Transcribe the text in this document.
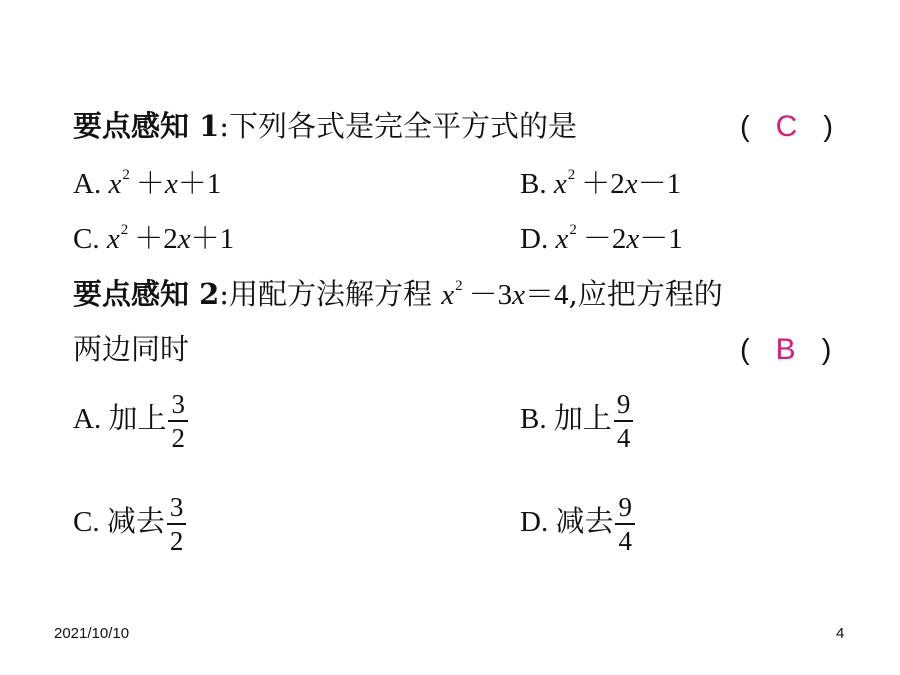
要点感知 1:下列各式是完全平方式的是	( C )
A. $x^2 +x+1$	B. $x^2 +2x-1$
C. $x^2 +2x+1$	D. $x^2 -2x-1$
要点感知 2:用配方法解方程 $x^2 -3x=4$,应把方程的
两边同时	( B )
A. 加上 $\frac{3}{2}$	B. 加上 $\frac{9}{4}$
C. 减去 $\frac{3}{2}$	D. 减去 $\frac{9}{4}$
2021/10/10	4
